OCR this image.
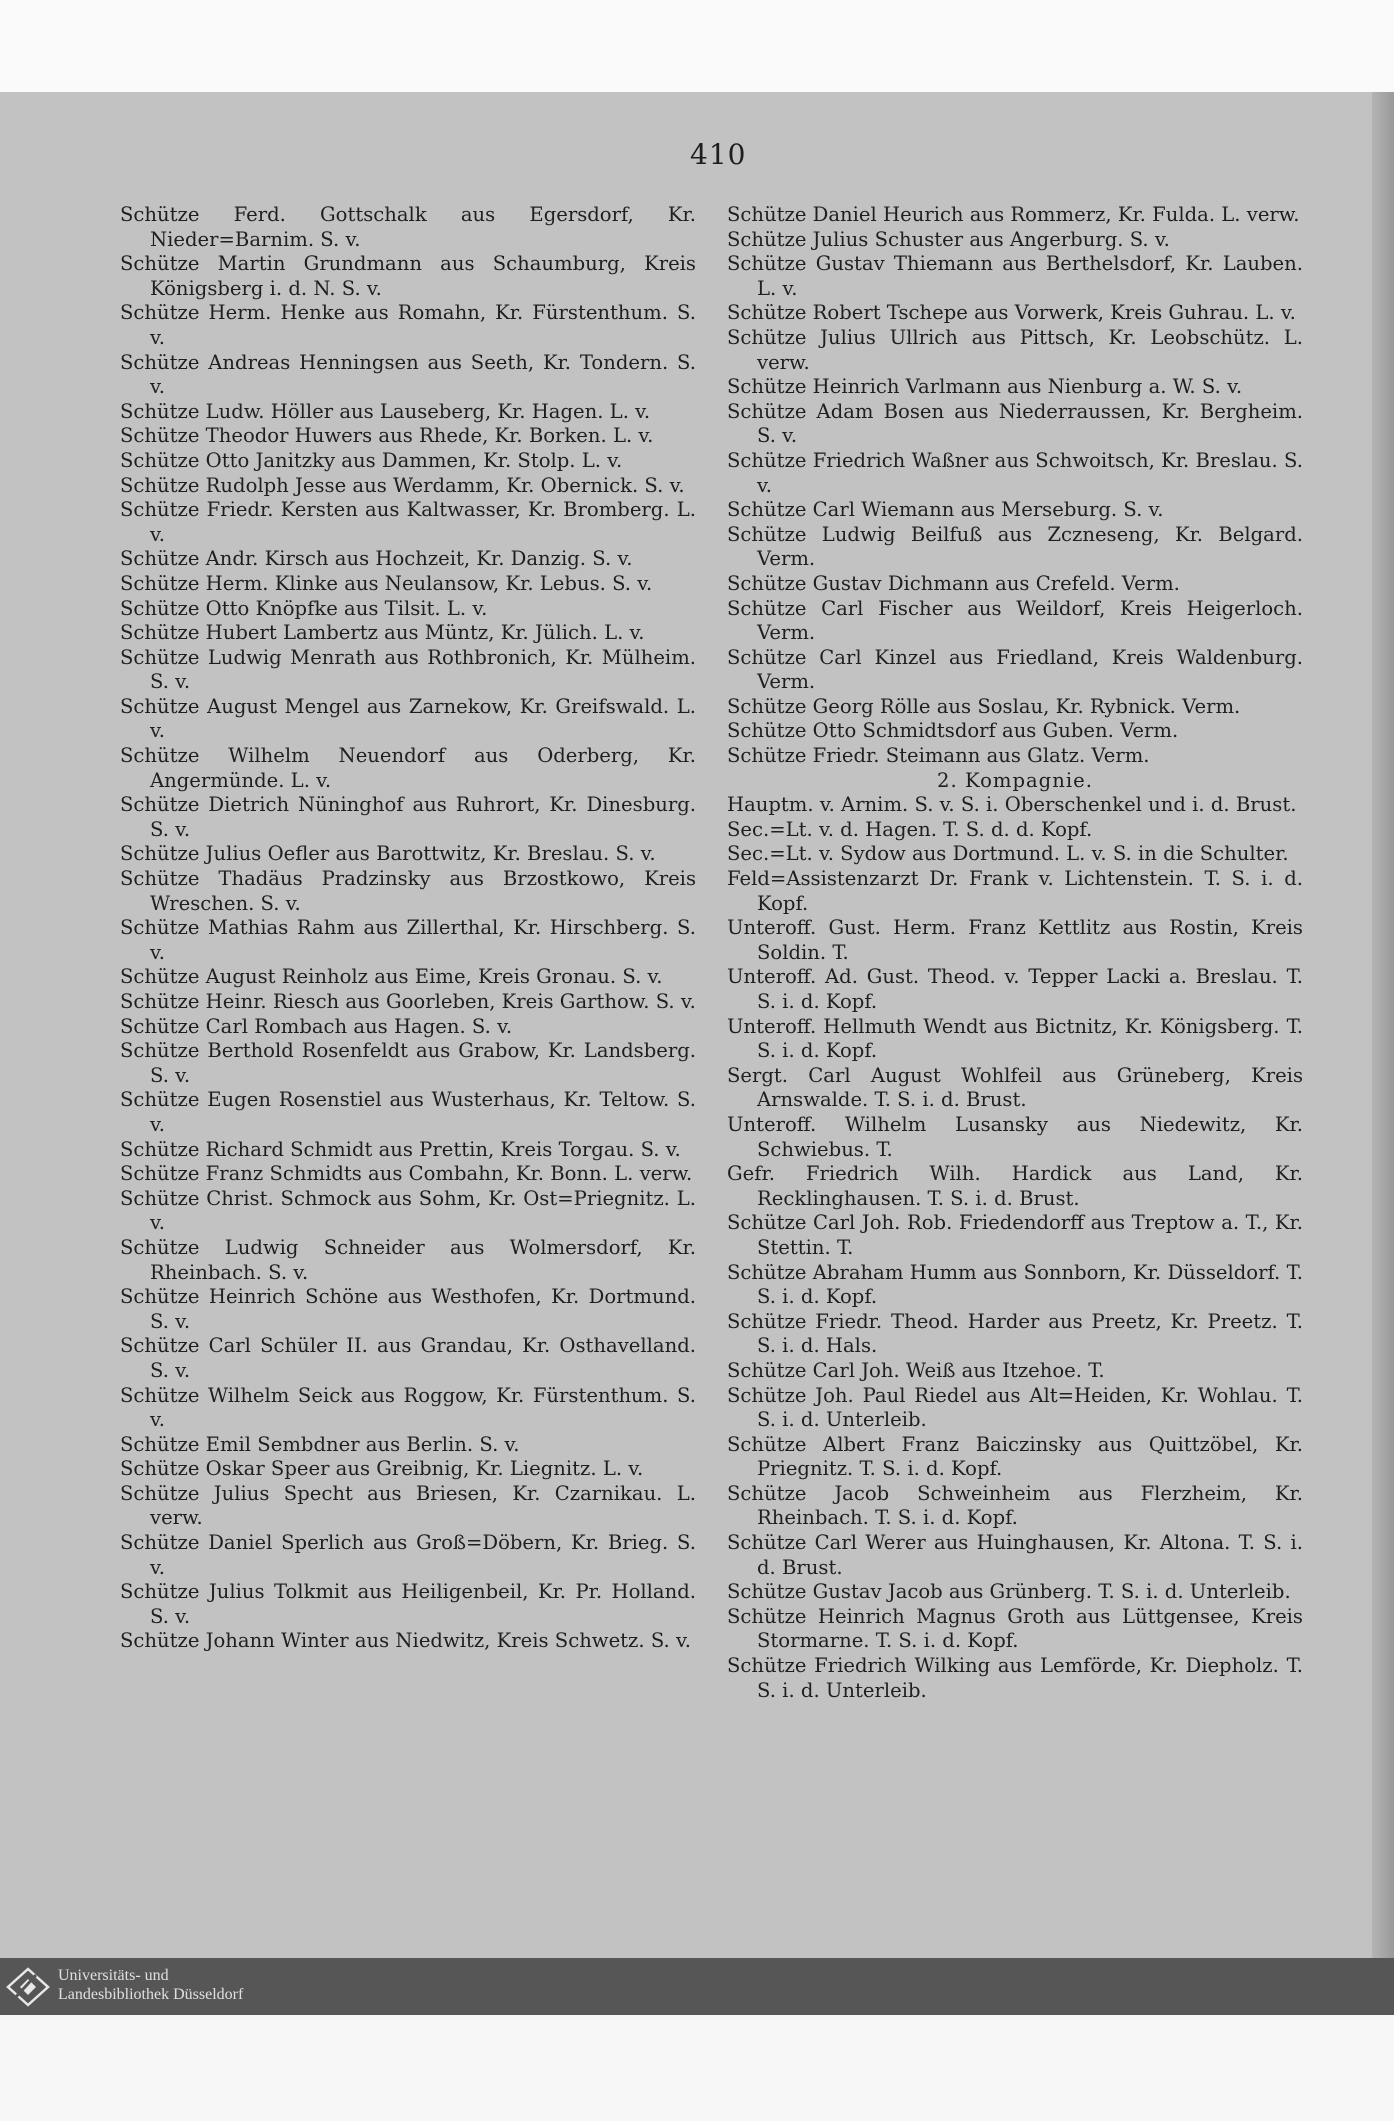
410

Schütze Ferd. Gottschalk aus Egersdorf, Kr. Nieder=Barnim. S. v.

Schütze Martin Grundmann aus Schaumburg, Kreis Königsberg i. d. N. S. v.

Schütze Herm. Henke aus Romahn, Kr. Fürstenthum. S. v.

Schütze Andreas Henningsen aus Seeth, Kr. Tondern. S. v.

Schütze Ludw. Höller aus Lauseberg, Kr. Hagen. L. v.

Schütze Theodor Huwers aus Rhede, Kr. Borken. L. v.

Schütze Otto Janitzky aus Dammen, Kr. Stolp. L. v.

Schütze Rudolph Jesse aus Werdamm, Kr. Obernick. S. v.

Schütze Friedr. Kersten aus Kaltwasser, Kr. Bromberg. L. v.

Schütze Andr. Kirsch aus Hochzeit, Kr. Danzig. S. v.

Schütze Herm. Klinke aus Neulansow, Kr. Lebus. S. v.

Schütze Otto Knöpfke aus Tilsit. L. v.

Schütze Hubert Lambertz aus Müntz, Kr. Jülich. L. v.

Schütze Ludwig Menrath aus Rothbronich, Kr. Mülheim. S. v.

Schütze August Mengel aus Zarnekow, Kr. Greifswald. L. v.

Schütze Wilhelm Neuendorf aus Oderberg, Kr. Angermünde. L. v.

Schütze Dietrich Nüninghof aus Ruhrort, Kr. Dinesburg. S. v.

Schütze Julius Oefler aus Barottwitz, Kr. Breslau. S. v.

Schütze Thadäus Pradzinsky aus Brzostkowo, Kreis Wreschen. S. v.

Schütze Mathias Rahm aus Zillerthal, Kr. Hirschberg. S. v.

Schütze August Reinholz aus Eime, Kreis Gronau. S. v.

Schütze Heinr. Riesch aus Goorleben, Kreis Garthow. S. v.

Schütze Carl Rombach aus Hagen. S. v.

Schütze Berthold Rosenfeldt aus Grabow, Kr. Landsberg. S. v.

Schütze Eugen Rosenstiel aus Wusterhaus, Kr. Teltow. S. v.

Schütze Richard Schmidt aus Prettin, Kreis Torgau. S. v.

Schütze Franz Schmidts aus Combahn, Kr. Bonn. L. verw.

Schütze Christ. Schmock aus Sohm, Kr. Ost=Priegnitz. L. v.

Schütze Ludwig Schneider aus Wolmersdorf, Kr. Rheinbach. S. v.

Schütze Heinrich Schöne aus Westhofen, Kr. Dortmund. S. v.

Schütze Carl Schüler II. aus Grandau, Kr. Osthavelland. S. v.

Schütze Wilhelm Seick aus Roggow, Kr. Fürstenthum. S. v.

Schütze Emil Sembdner aus Berlin. S. v.

Schütze Oskar Speer aus Greibnig, Kr. Liegnitz. L. v.

Schütze Julius Specht aus Briesen, Kr. Czarnikau. L. verw.

Schütze Daniel Sperlich aus Groß=Döbern, Kr. Brieg. S. v.

Schütze Julius Tolkmit aus Heiligenbeil, Kr. Pr. Holland. S. v.

Schütze Johann Winter aus Niedwitz, Kreis Schwetz. S. v.

Schütze Daniel Heurich aus Rommerz, Kr. Fulda. L. verw.

Schütze Julius Schuster aus Angerburg. S. v.

Schütze Gustav Thiemann aus Berthelsdorf, Kr. Lauben. L. v.

Schütze Robert Tschepe aus Vorwerk, Kreis Guhrau. L. v.

Schütze Julius Ullrich aus Pittsch, Kr. Leobschütz. L. verw.

Schütze Heinrich Varlmann aus Nienburg a. W. S. v.

Schütze Adam Bosen aus Niederraussen, Kr. Bergheim. S. v.

Schütze Friedrich Waßner aus Schwoitsch, Kr. Breslau. S. v.

Schütze Carl Wiemann aus Merseburg. S. v.

Schütze Ludwig Beilfuß aus Zczneseng, Kr. Belgard. Verm.

Schütze Gustav Dichmann aus Crefeld. Verm.

Schütze Carl Fischer aus Weildorf, Kreis Heigerloch. Verm.

Schütze Carl Kinzel aus Friedland, Kreis Waldenburg. Verm.

Schütze Georg Rölle aus Soslau, Kr. Rybnick. Verm.

Schütze Otto Schmidtsdorf aus Guben. Verm.

Schütze Friedr. Steimann aus Glatz. Verm.

2. Kompagnie.

Hauptm. v. Arnim. S. v. S. i. Oberschenkel und i. d. Brust.

Sec.=Lt. v. d. Hagen. T. S. d. d. Kopf.

Sec.=Lt. v. Sydow aus Dortmund. L. v. S. in die Schulter.

Feld=Assistenzarzt Dr. Frank v. Lichtenstein. T. S. i. d. Kopf.

Unteroff. Gust. Herm. Franz Kettlitz aus Rostin, Kreis Soldin. T.

Unteroff. Ad. Gust. Theod. v. Tepper Lacki a. Breslau. T. S. i. d. Kopf.

Unteroff. Hellmuth Wendt aus Bictnitz, Kr. Königsberg. T. S. i. d. Kopf.

Sergt. Carl August Wohlfeil aus Grüneberg, Kreis Arnswalde. T. S. i. d. Brust.

Unteroff. Wilhelm Lusansky aus Niedewitz, Kr. Schwiebus. T.

Gefr. Friedrich Wilh. Hardick aus Land, Kr. Recklinghausen. T. S. i. d. Brust.

Schütze Carl Joh. Rob. Friedendorff aus Treptow a. T., Kr. Stettin. T.

Schütze Abraham Humm aus Sonnborn, Kr. Düsseldorf. T. S. i. d. Kopf.

Schütze Friedr. Theod. Harder aus Preetz, Kr. Preetz. T. S. i. d. Hals.

Schütze Carl Joh. Weiß aus Itzehoe. T.

Schütze Joh. Paul Riedel aus Alt=Heiden, Kr. Wohlau. T. S. i. d. Unterleib.

Schütze Albert Franz Baiczinsky aus Quittzöbel, Kr. Priegnitz. T. S. i. d. Kopf.

Schütze Jacob Schweinheim aus Flerzheim, Kr. Rheinbach. T. S. i. d. Kopf.

Schütze Carl Werer aus Huinghausen, Kr. Altona. T. S. i. d. Brust.

Schütze Gustav Jacob aus Grünberg. T. S. i. d. Unterleib.

Schütze Heinrich Magnus Groth aus Lüttgensee, Kreis Stormarne. T. S. i. d. Kopf.

Schütze Friedrich Wilking aus Lemförde, Kr. Diepholz. T. S. i. d. Unterleib.

Universitäts- und
Landesbibliothek Düsseldorf
